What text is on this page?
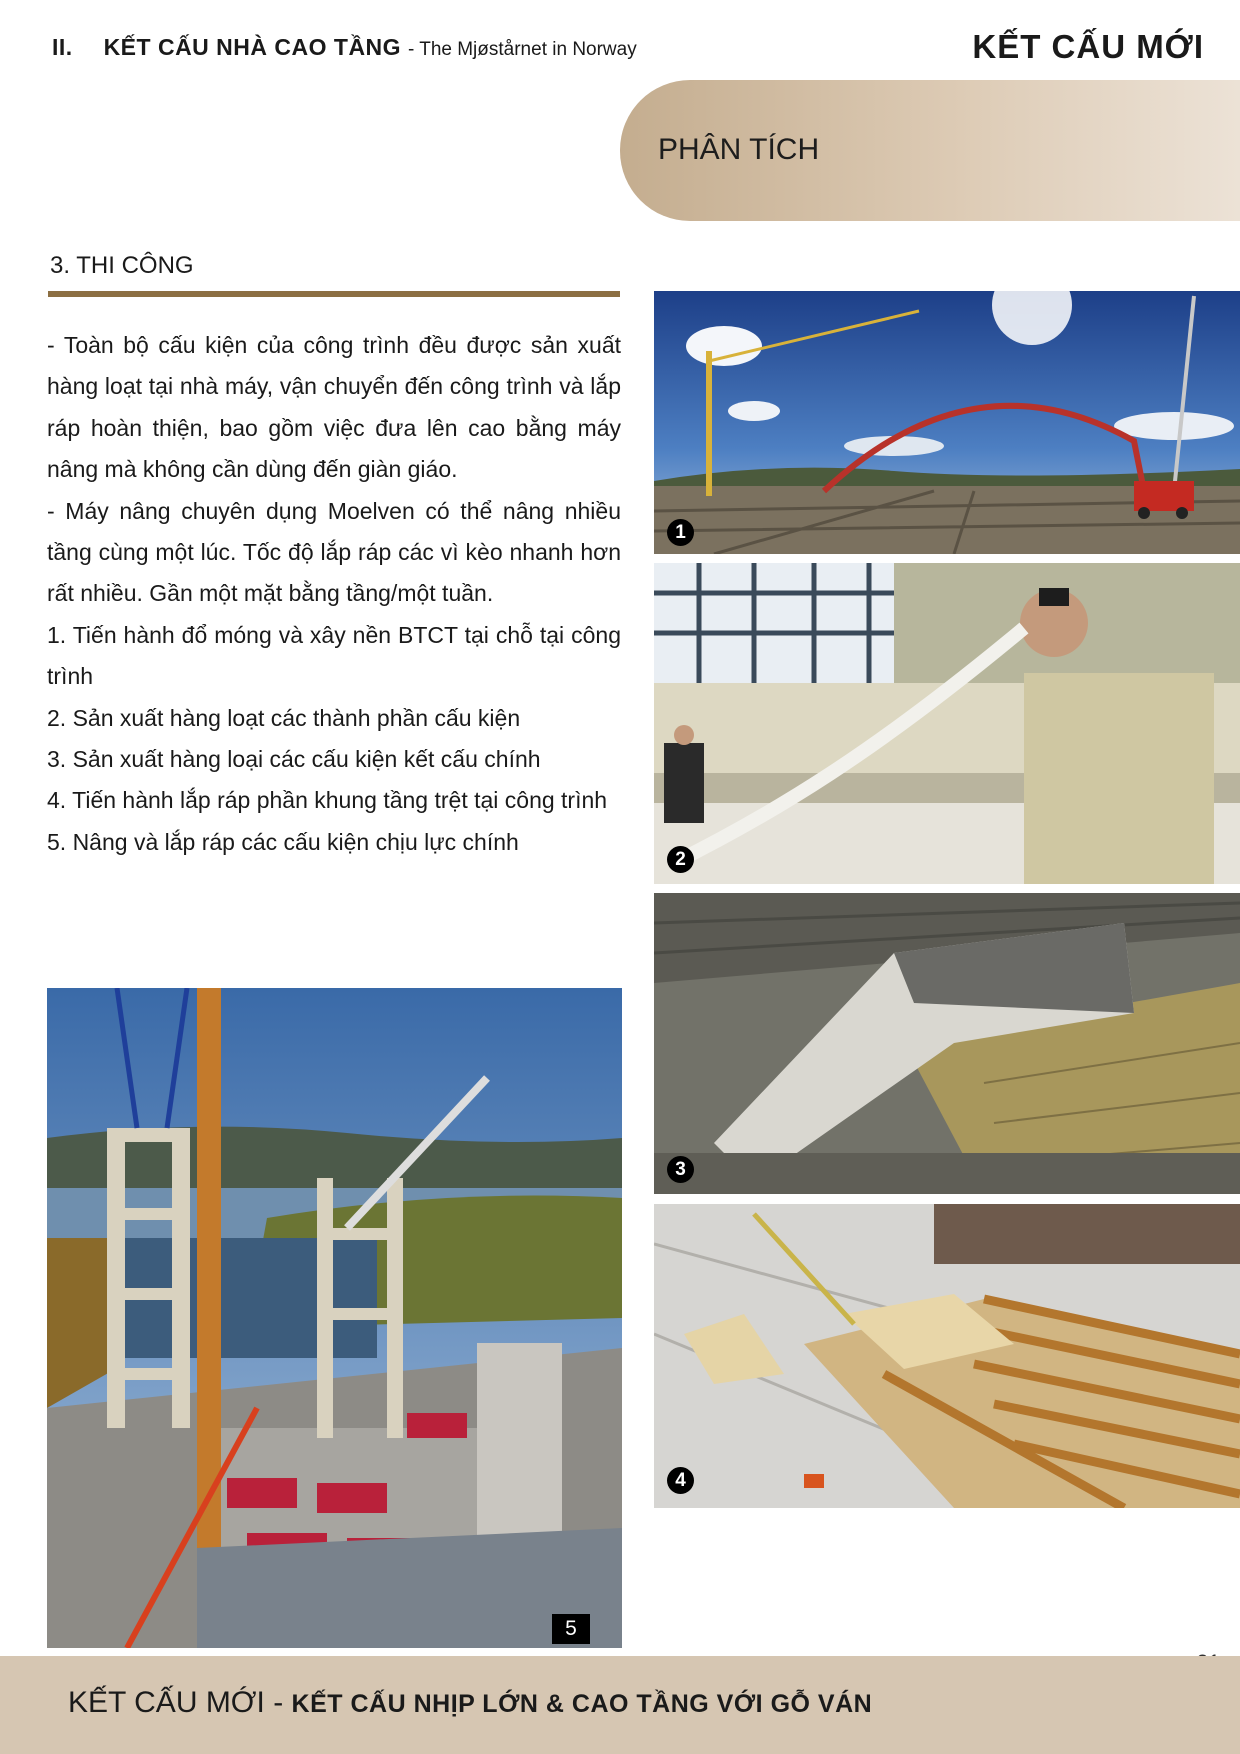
II. KẾT CẤU NHÀ CAO TẦNG - The Mjøstårnet in Norway	KẾT CẤU MỚI
PHÂN TÍCH
3. THI CÔNG
- Toàn bộ cấu kiện của công trình đều được sản xuất hàng loạt tại nhà máy, vận chuyển đến công trình và lắp ráp hoàn thiện, bao gồm việc đưa lên cao bằng máy nâng mà không cần dùng đến giàn giáo.
- Máy nâng chuyên dụng Moelven có thể nâng nhiều tầng cùng một lúc. Tốc độ lắp ráp các vì kèo nhanh hơn rất nhiều. Gần một mặt bằng tầng/một tuần.
1. Tiến hành đổ móng và xây nền BTCT tại chỗ tại công trình
2. Sản xuất hàng loạt các thành phần cấu kiện
3. Sản xuất hàng loại các cấu kiện kết cấu chính
4. Tiến hành lắp ráp phần khung tầng trệt tại công trình
5. Nâng và lắp ráp các cấu kiện chịu lực chính
1
2
3
4
5
KẾT CẤU MỚI - KẾT CẤU NHỊP LỚN & CAO TẦNG VỚI GỖ VÁN
